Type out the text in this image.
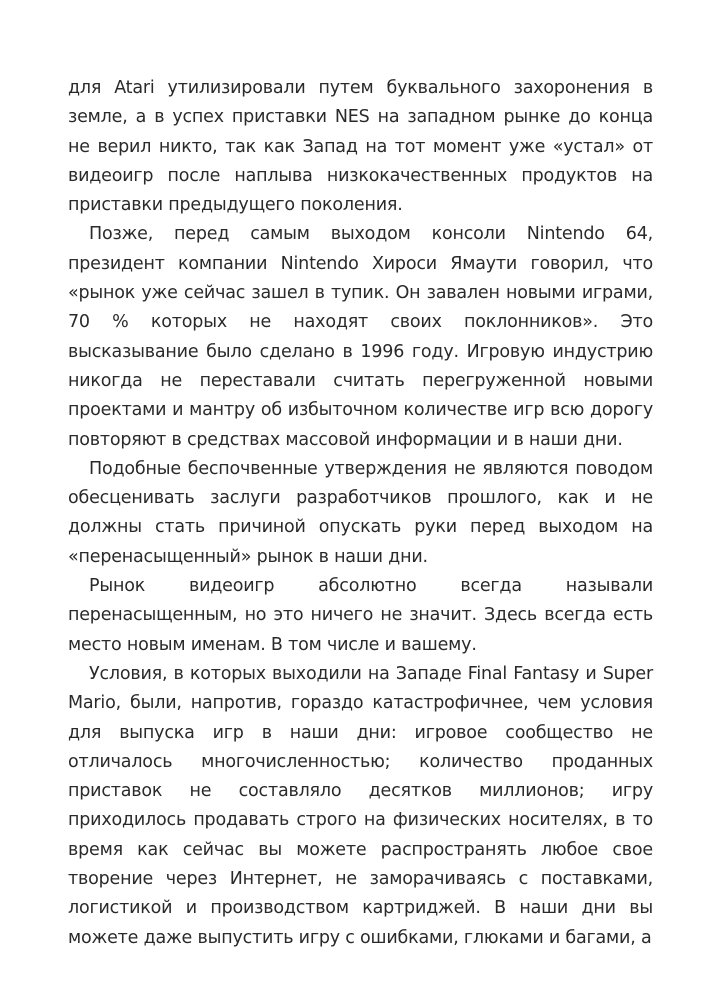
для Atari утилизировали путем буквального захоронения в земле, а в успех приставки NES на западном рынке до конца не верил никто, так как Запад на тот момент уже «устал» от видеоигр после наплыва низкокачественных продуктов на приставки предыдущего поколения.

Позже, перед самым выходом консоли Nintendo 64, президент компании Nintendo Хироси Ямаути говорил, что «рынок уже сейчас зашел в тупик. Он завален новыми играми, 70 % которых не находят своих поклонников». Это высказывание было сделано в 1996 году. Игровую индустрию никогда не переставали считать перегруженной новыми проектами и мантру об избыточном количестве игр всю дорогу повторяют в средствах массовой информации и в наши дни.

Подобные беспочвенные утверждения не являются поводом обесценивать заслуги разработчиков прошлого, как и не должны стать причиной опускать руки перед выходом на «перенасыщенный» рынок в наши дни.

Рынок видеоигр абсолютно всегда называли перенасыщенным, но это ничего не значит. Здесь всегда есть место новым именам. В том числе и вашему.

Условия, в которых выходили на Западе Final Fantasy и Super Mario, были, напротив, гораздо катастрофичнее, чем условия для выпуска игр в наши дни: игровое сообщество не отличалось многочисленностью; количество проданных приставок не составляло десятков миллионов; игру приходилось продавать строго на физических носителях, в то время как сейчас вы можете распространять любое свое творение через Интернет, не заморачиваясь с поставками, логистикой и производством картриджей. В наши дни вы можете даже выпустить игру с ошибками, глюками и багами, а
